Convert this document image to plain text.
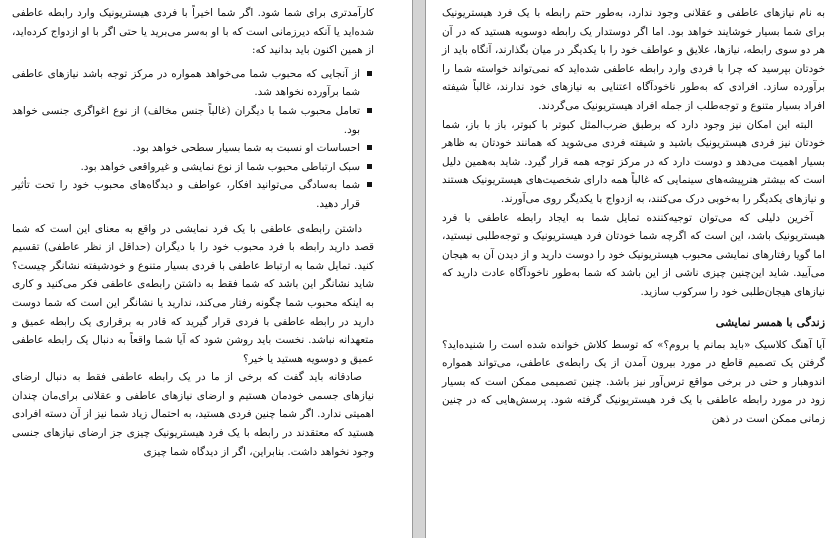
کارآمدتری برای شما شود. اگر شما اخیراً با فردی هیستریونیک وارد رابطه عاطفی شده‌اید یا آنکه دیرزمانی است که با او به‌سر می‌برید یا حتی اگر با او ازدواج کرده‌اید، از همین اکنون باید بدانید که:

از آنجایی که محبوب شما می‌خواهد همواره در مرکز توجه باشد نیازهای عاطفی شما برآورده نخواهد شد.
تعامل محبوب شما با دیگران (غالباً جنس مخالف) از نوع اغواگری جنسی خواهد بود.
احساسات او نسبت به شما بسیار سطحی خواهد بود.
سبک ارتباطی محبوب شما از نوع نمایشی و غیرواقعی خواهد بود.
شما به‌سادگی می‌توانید افکار، عواطف و دیدگاه‌های محبوب خود را تحت تأثیر قرار دهید.

داشتن رابطه‌ی عاطفی با یک فرد نمایشی در واقع به معنای این است که شما قصد دارید رابطه با فرد محبوب خود را با دیگران (حداقل از نظر عاطفی) تقسیم کنید. تمایل شما به ارتباط عاطفی با فردی بسیار متنوع و خودشیفته نشانگر چیست؟ شاید نشانگر این باشد که شما فقط به داشتن رابطه‌ی عاطفی فکر می‌کنید و کاری به اینکه محبوب شما چگونه رفتار می‌کند، ندارید یا نشانگر این است که شما دوست دارید در رابطه عاطفی با فردی قرار گیرید که قادر به برقراری یک رابطه عمیق و متعهدانه نباشد. نخست باید روشن شود که آیا شما واقعاً به دنبال یک رابطه عاطفی عمیق و دوسویه هستید یا خیر؟

صادقانه باید گفت که برخی از ما در یک رابطه عاطفی فقط به دنبال ارضای نیازهای جسمی خودمان هستیم و ارضای نیازهای عاطفی و عقلانی برای‌مان چندان اهمیتی ندارد. اگر شما چنین فردی هستید، به احتمال زیاد شما نیز از آن دسته افرادی هستید که معتقدند در رابطه با یک فرد هیستریونیک چیزی جز ارضای نیازهای جنسی وجود نخواهد داشت. بنابراین، اگر از دیدگاه شما چیزی

به نام نیازهای عاطفی و عقلانی وجود ندارد، به‌طور حتم رابطه با یک فرد هیستریونیک برای شما بسیار خوشایند خواهد بود. اما اگر دوستدار یک رابطه دوسویه هستید که در آن هر دو سوی رابطه، نیازها، علایق و عواطف خود را با یکدیگر در میان بگذارند، آنگاه باید از خودتان بپرسید که چرا با فردی وارد رابطه عاطفی شده‌اید که نمی‌تواند خواسته شما را برآورده سازد. افرادی که به‌طور ناخودآگاه اعتنایی به نیازهای خود ندارند، غالباً شیفته افراد بسیار متنوع و توجه‌طلب از جمله افراد هیستریونیک می‌گردند.

البته این امکان نیز وجود دارد که برطبق ضرب‌المثل کبوتر با کبوتر، باز با باز، شما خودتان نیز فردی هیستریونیک باشید و شیفته فردی می‌شوید که همانند خودتان به ظاهر بسیار اهمیت می‌دهد و دوست دارد که در مرکز توجه همه قرار گیرد. شاید به‌همین دلیل است که بیشتر هنرپیشه‌های سینمایی که غالباً همه دارای شخصیت‌های هیستریونیک هستند و نیازهای یکدیگر را به‌خوبی درک می‌کنند، به ازدواج با یکدیگر روی می‌آورند.

آخرین دلیلی که می‌توان توجیه‌کننده تمایل شما به ایجاد رابطه عاطفی با فرد هیستریونیک باشد، این است که اگرچه شما خودتان فرد هیستریونیک و توجه‌طلبی نیستید، اما گویا رفتارهای نمایشی محبوب هیستریونیک خود را دوست دارید و از دیدن آن به هیجان می‌آیید. شاید این‌چنین چیزی ناشی از این باشد که شما به‌طور ناخودآگاه عادت دارید که نیازهای هیجان‌طلبی خود را سرکوب سازید.

زندگی با همسر نمایشی

آیا آهنگ کلاسیک «باید بمانم یا بروم؟» که توسط کلاش خوانده شده است را شنیده‌اید؟ گرفتن یک تصمیم قاطع در مورد بیرون آمدن از یک رابطه‌ی عاطفی، می‌تواند همواره اندوهبار و حتی در برخی مواقع ترس‌آور نیز باشد. چنین تصمیمی ممکن است که بسیار زود در مورد رابطه عاطفی با یک فرد هیستریونیک گرفته شود. پرسش‌هایی که در چنین زمانی ممکن است در ذهن
